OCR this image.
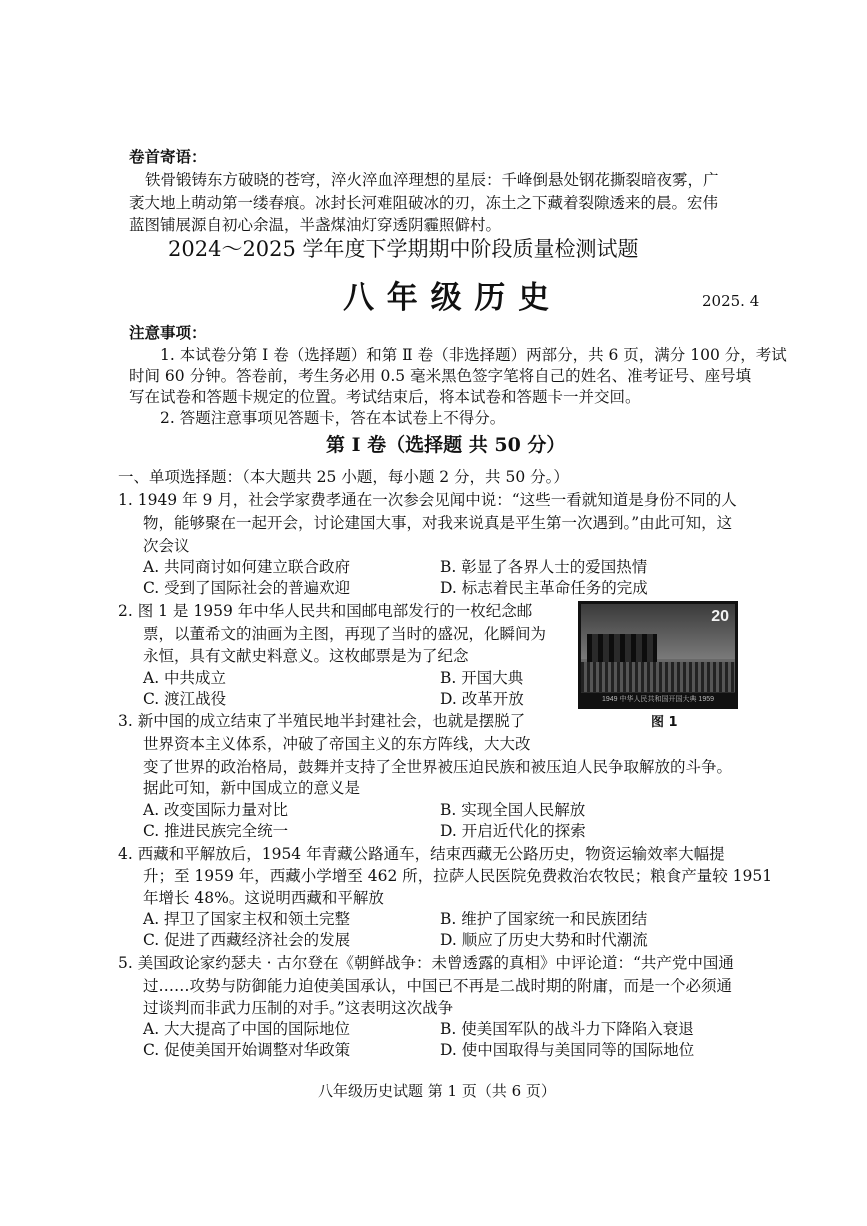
卷首寄语：
铁骨锻铸东方破晓的苍穹，淬火淬血淬理想的星辰：千峰倒悬处钢花撕裂暗夜雾，广
袤大地上萌动第一缕春痕。冰封长河难阻破冰的刃，冻土之下藏着裂隙透来的晨。宏伟
蓝图铺展源自初心余温，半盏煤油灯穿透阴霾照僻村。
2024～2025 学年度下学期期中阶段质量检测试题
八 年 级 历 史	2025. 4
注意事项：
1. 本试卷分第 Ⅰ 卷（选择题）和第 Ⅱ 卷（非选择题）两部分，共 6 页，满分 100 分，考试
时间 60 分钟。答卷前，考生务必用 0.5 毫米黑色签字笔将自己的姓名、准考证号、座号填
写在试卷和答题卡规定的位置。考试结束后，将本试卷和答题卡一并交回。
2. 答题注意事项见答题卡，答在本试卷上不得分。
第 Ⅰ 卷（选择题 共 50 分）
一、单项选择题：（本大题共 25 小题，每小题 2 分，共 50 分。）
1. 1949 年 9 月，社会学家费孝通在一次参会见闻中说：“这些一看就知道是身份不同的人
物，能够聚在一起开会，讨论建国大事，对我来说真是平生第一次遇到。”由此可知，这
次会议
A. 共同商讨如何建立联合政府	B. 彰显了各界人士的爱国热情
C. 受到了国际社会的普遍欢迎	D. 标志着民主革命任务的完成
2. 图 1 是 1959 年中华人民共和国邮电部发行的一枚纪念邮
票，以董希文的油画为主图，再现了当时的盛况，化瞬间为
永恒，具有文献史料意义。这枚邮票是为了纪念
A. 中共成立	B. 开国大典
C. 渡江战役	D. 改革开放
20
1949 中华人民共和国开国大典 1959
图 1
3. 新中国的成立结束了半殖民地半封建社会，也就是摆脱了
世界资本主义体系，冲破了帝国主义的东方阵线，大大改
变了世界的政治格局，鼓舞并支持了全世界被压迫民族和被压迫人民争取解放的斗争。
据此可知，新中国成立的意义是
A. 改变国际力量对比	B. 实现全国人民解放
C. 推进民族完全统一	D. 开启近代化的探索
4. 西藏和平解放后，1954 年青藏公路通车，结束西藏无公路历史，物资运输效率大幅提
升；至 1959 年，西藏小学增至 462 所，拉萨人民医院免费救治农牧民；粮食产量较 1951
年增长 48%。这说明西藏和平解放
A. 捍卫了国家主权和领土完整	B. 维护了国家统一和民族团结
C. 促进了西藏经济社会的发展	D. 顺应了历史大势和时代潮流
5. 美国政论家约瑟夫 · 古尔登在《朝鲜战争：未曾透露的真相》中评论道：“共产党中国通
过……攻势与防御能力迫使美国承认，中国已不再是二战时期的附庸，而是一个必须通
过谈判而非武力压制的对手。”这表明这次战争
A. 大大提高了中国的国际地位	B. 使美国军队的战斗力下降陷入衰退
C. 促使美国开始调整对华政策	D. 使中国取得与美国同等的国际地位
八年级历史试题 第 1 页（共 6 页）
